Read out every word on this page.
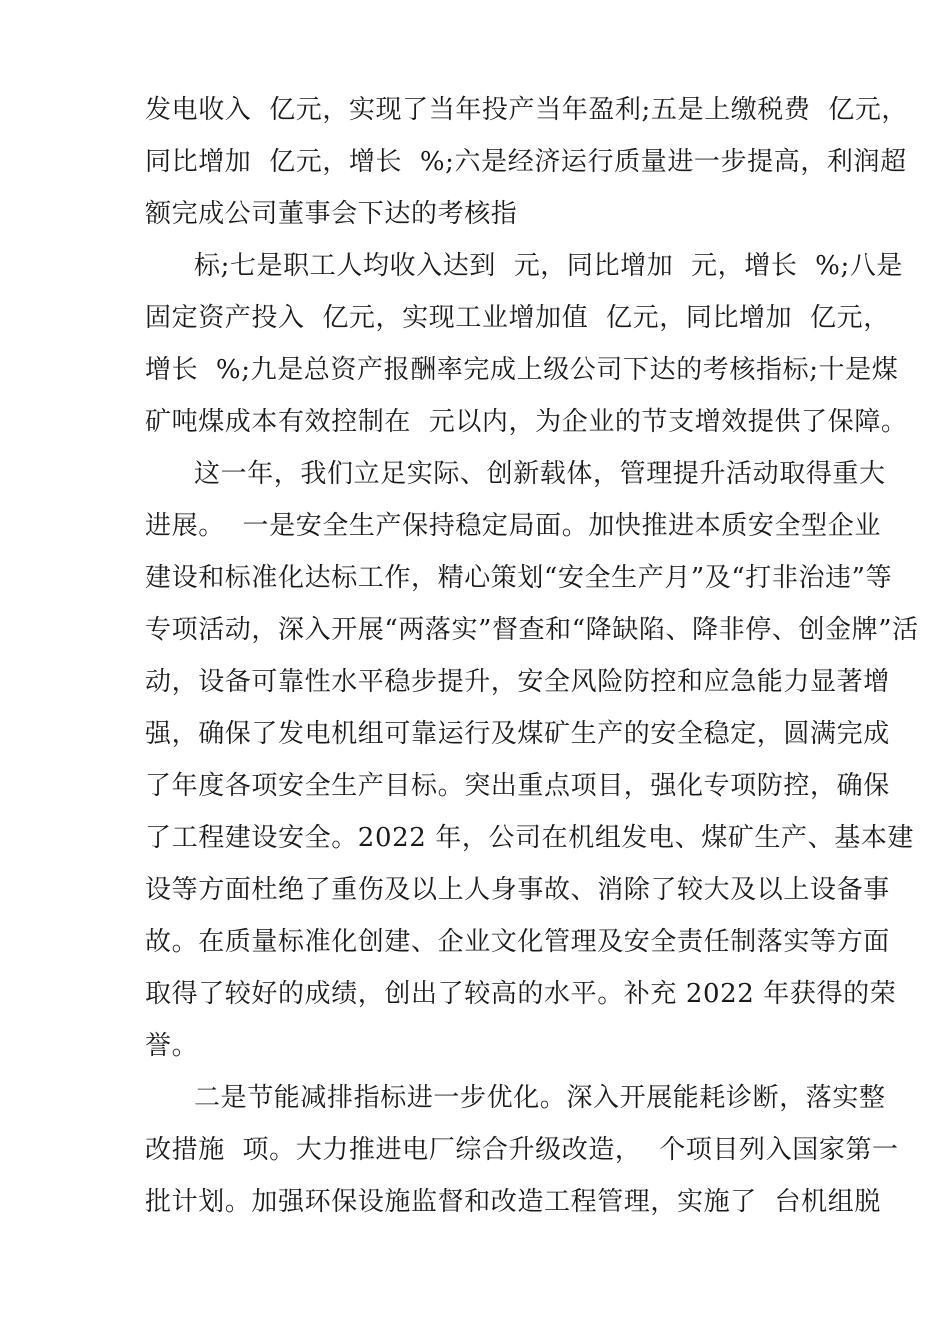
发电收入  亿元，实现了当年投产当年盈利;五是上缴税费  亿元，
同比增加  亿元，增长  %;六是经济运行质量进一步提高，利润超
额完成公司董事会下达的考核指
标;七是职工人均收入达到  元，同比增加  元，增长  %;八是
固定资产投入  亿元，实现工业增加值  亿元，同比增加  亿元，
增长  %;九是总资产报酬率完成上级公司下达的考核指标;十是煤
矿吨煤成本有效控制在  元以内，为企业的节支增效提供了保障。
这一年，我们立足实际、创新载体，管理提升活动取得重大
进展。  一是安全生产保持稳定局面。加快推进本质安全型企业
建设和标准化达标工作，精心策划“安全生产月”及“打非治违”等
专项活动，深入开展“两落实”督查和“降缺陷、降非停、创金牌”活
动，设备可靠性水平稳步提升，安全风险防控和应急能力显著增
强，确保了发电机组可靠运行及煤矿生产的安全稳定，圆满完成
了年度各项安全生产目标。突出重点项目，强化专项防控，确保
了工程建设安全。2022 年，公司在机组发电、煤矿生产、基本建
设等方面杜绝了重伤及以上人身事故、消除了较大及以上设备事
故。在质量标准化创建、企业文化管理及安全责任制落实等方面
取得了较好的成绩，创出了较高的水平。补充 2022 年获得的荣
誉。
二是节能减排指标进一步优化。深入开展能耗诊断，落实整
改措施  项。大力推进电厂综合升级改造，  个项目列入国家第一
批计划。加强环保设施监督和改造工程管理，实施了  台机组脱
